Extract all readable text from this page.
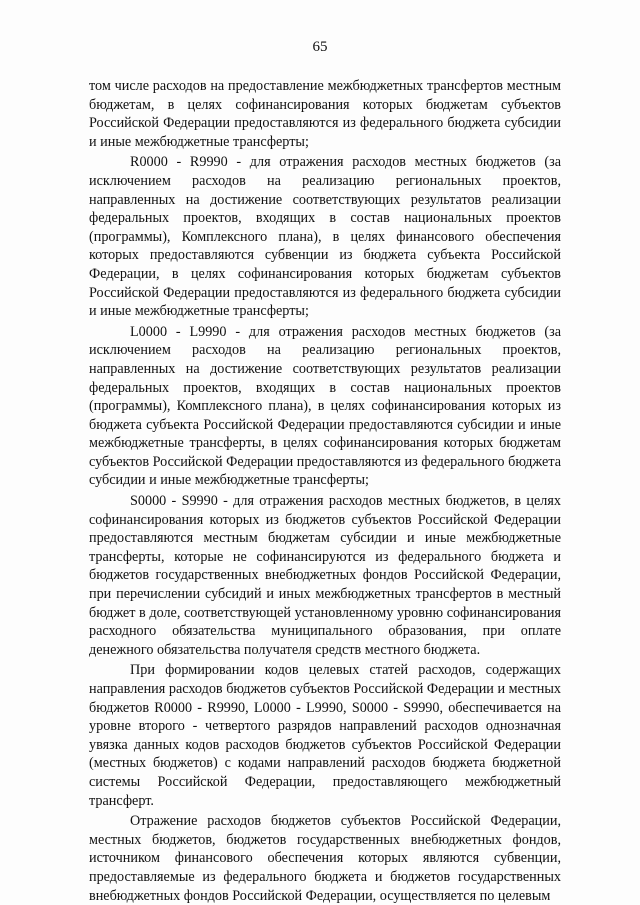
65

том числе расходов на предоставление межбюджетных трансфертов местным бюджетам, в целях софинансирования которых бюджетам субъектов Российской Федерации предоставляются из федерального бюджета субсидии и иные межбюджетные трансферты;

R0000 - R9990 - для отражения расходов местных бюджетов (за исключением расходов на реализацию региональных проектов, направленных на достижение соответствующих результатов реализации федеральных проектов, входящих в состав национальных проектов (программы), Комплексного плана), в целях финансового обеспечения которых предоставляются субвенции из бюджета субъекта Российской Федерации, в целях софинансирования которых бюджетам субъектов Российской Федерации предоставляются из федерального бюджета субсидии и иные межбюджетные трансферты;

L0000 - L9990 - для отражения расходов местных бюджетов (за исключением расходов на реализацию региональных проектов, направленных на достижение соответствующих результатов реализации федеральных проектов, входящих в состав национальных проектов (программы), Комплексного плана), в целях софинансирования которых из бюджета субъекта Российской Федерации предоставляются субсидии и иные межбюджетные трансферты, в целях софинансирования которых бюджетам субъектов Российской Федерации предоставляются из федерального бюджета субсидии и иные межбюджетные трансферты;

S0000 - S9990 - для отражения расходов местных бюджетов, в целях софинансирования которых из бюджетов субъектов Российской Федерации предоставляются местным бюджетам субсидии и иные межбюджетные трансферты, которые не софинансируются из федерального бюджета и бюджетов государственных внебюджетных фондов Российской Федерации, при перечислении субсидий и иных межбюджетных трансфертов в местный бюджет в доле, соответствующей установленному уровню софинансирования расходного обязательства муниципального образования, при оплате денежного обязательства получателя средств местного бюджета.

При формировании кодов целевых статей расходов, содержащих направления расходов бюджетов субъектов Российской Федерации и местных бюджетов R0000 - R9990, L0000 - L9990, S0000 - S9990, обеспечивается на уровне второго - четвертого разрядов направлений расходов однозначная увязка данных кодов расходов бюджетов субъектов Российской Федерации (местных бюджетов) с кодами направлений расходов бюджета бюджетной системы Российской Федерации, предоставляющего межбюджетный трансферт.

Отражение расходов бюджетов субъектов Российской Федерации, местных бюджетов, бюджетов государственных внебюджетных фондов, источником финансового обеспечения которых являются субвенции, предоставляемые из федерального бюджета и бюджетов государственных внебюджетных фондов Российской Федерации, осуществляется по целевым
